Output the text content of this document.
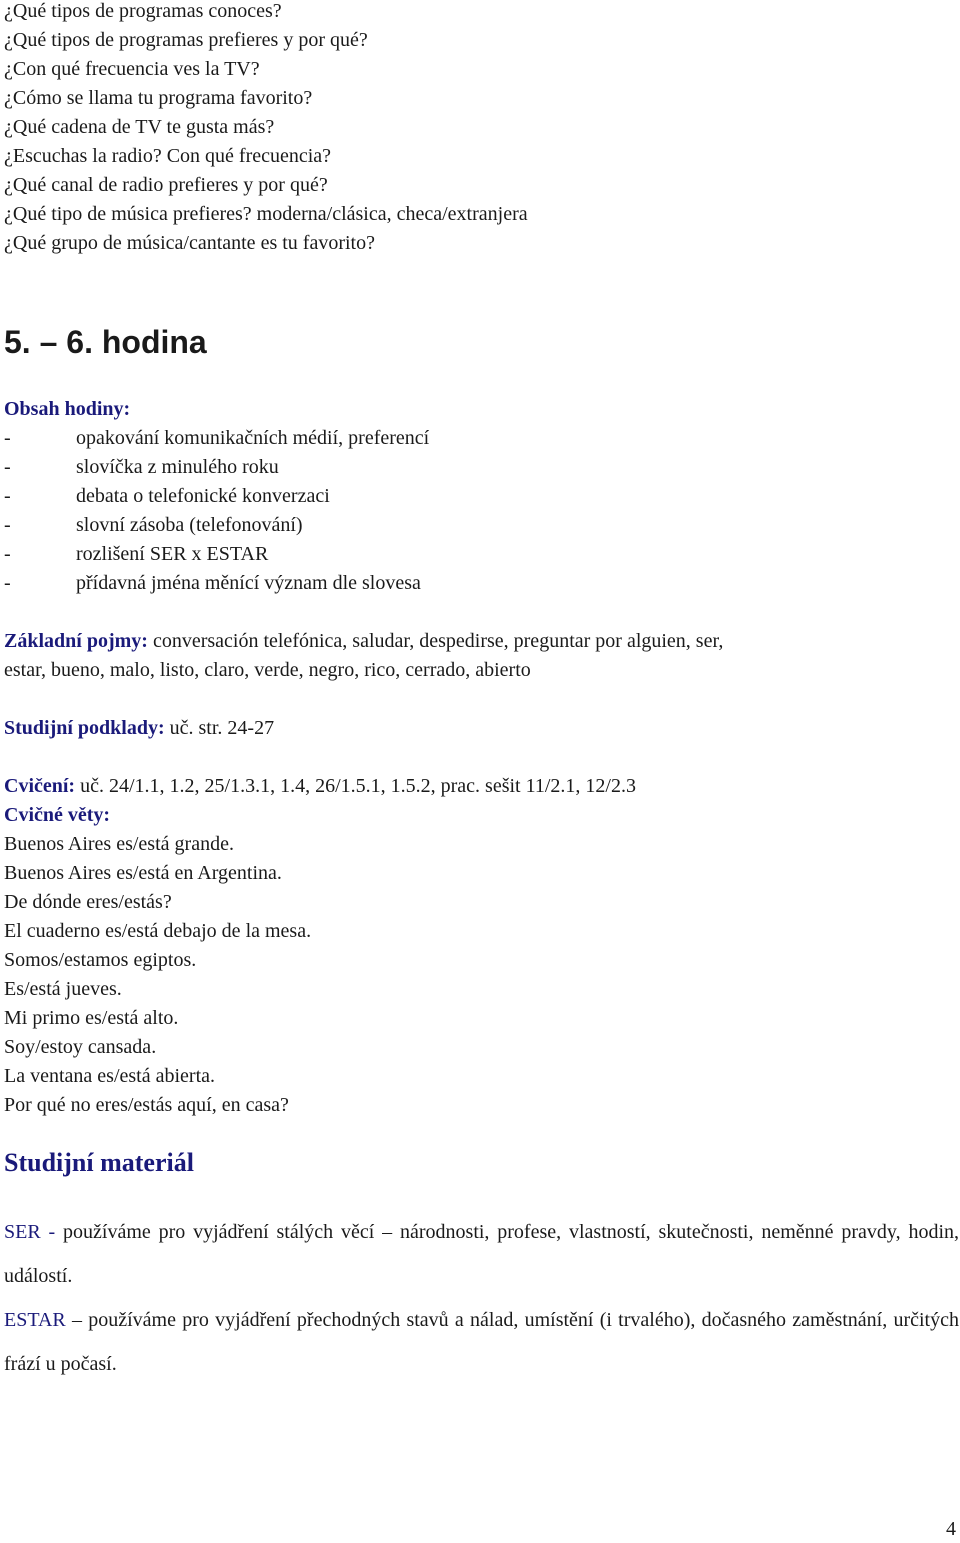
¿Qué tipos de programas conoces?
¿Qué tipos de programas prefieres y por qué?
¿Con qué frecuencia ves la TV?
¿Cómo se llama tu programa favorito?
¿Qué cadena de TV te gusta más?
¿Escuchas la radio? Con qué frecuencia?
¿Qué canal de radio prefieres y por qué?
¿Qué tipo de música prefieres? moderna/clásica, checa/extranjera
¿Qué grupo de música/cantante es tu favorito?
5. – 6. hodina
Obsah hodiny:
-	opakování komunikačních médií, preferencí
-	slovíčka z minulého roku
-	debata o telefonické konverzaci
-	slovní zásoba (telefonování)
-	rozlišení SER x ESTAR
-	přídavná jména měnící význam dle slovesa
Základní pojmy: conversación telefónica, saludar, despedirse, preguntar por alguien, ser,
estar, bueno, malo, listo, claro, verde, negro, rico, cerrado, abierto
Studijní podklady: uč. str. 24-27
Cvičení: uč. 24/1.1, 1.2, 25/1.3.1, 1.4, 26/1.5.1, 1.5.2, prac. sešit 11/2.1, 12/2.3
Cvičné věty:
Buenos Aires es/está grande.
Buenos Aires es/está en Argentina.
De dónde eres/estás?
El cuaderno es/está debajo de la mesa.
Somos/estamos egiptos.
Es/está jueves.
Mi primo es/está alto.
Soy/estoy cansada.
La ventana es/está abierta.
Por qué no eres/estás aquí, en casa?
Studijní materiál
SER - používáme pro vyjádření stálých věcí – národnosti, profese, vlastností, skutečnosti, neměnné pravdy, hodin, událostí.
ESTAR – používáme pro vyjádření přechodných stavů a nálad, umístění (i trvalého), dočasného zaměstnání, určitých frází u počasí.
4
